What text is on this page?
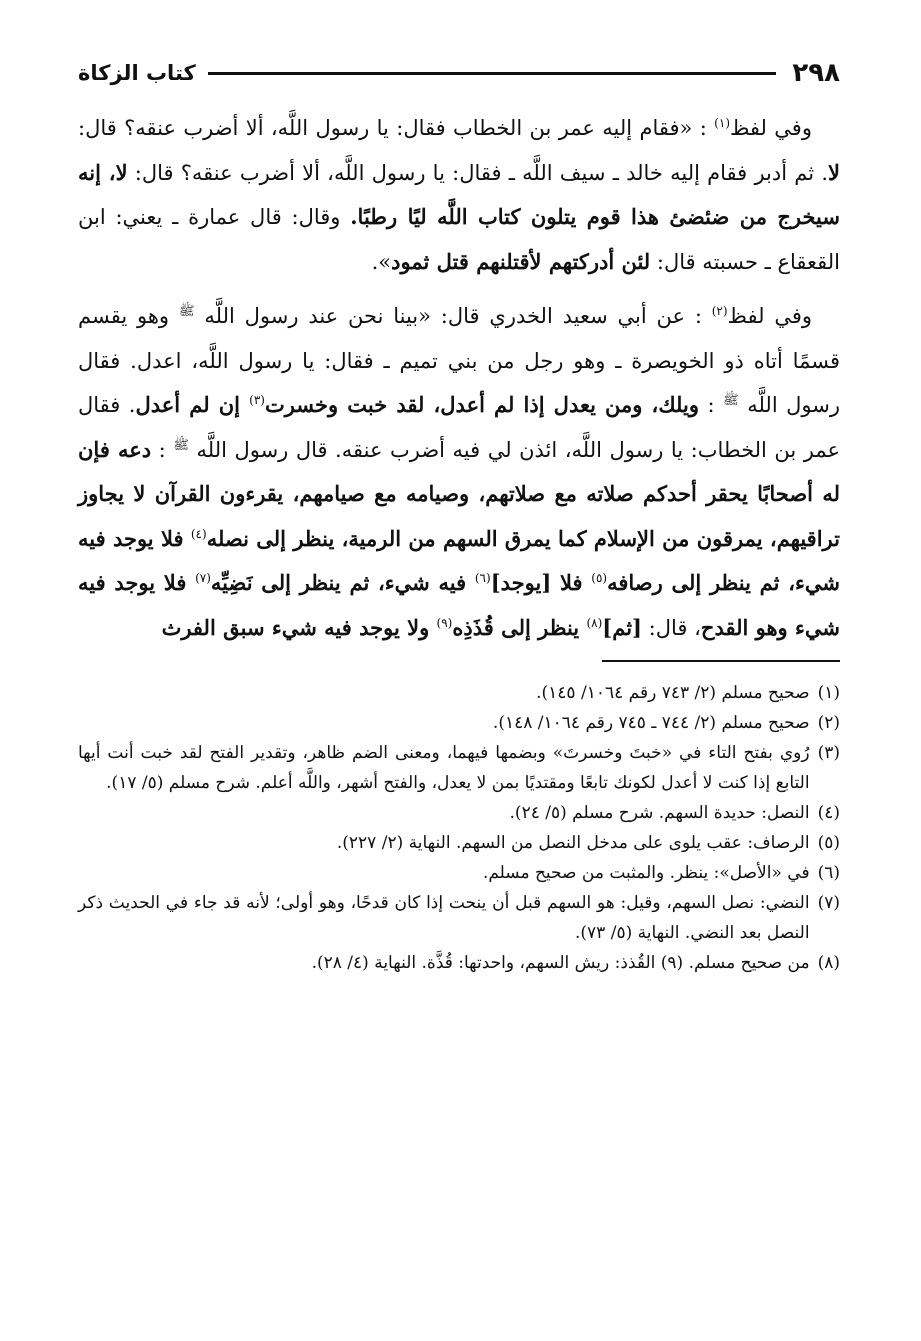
٢٩٨
كتاب الزكاة

وفي لفظ$^{(١)}$ : «فقام إليه عمر بن الخطاب فقال: يا رسول اللَّه، ألا أضرب عنقه؟ قال: لا. ثم أدبر فقام إليه خالد ـ سيف اللَّه ـ فقال: يا رسول اللَّه، ألا أضرب عنقه؟ قال: لا، إنه سيخرج من ضئضئ هذا قوم يتلون كتاب اللَّه ليًا رطبًا. وقال: قال عمارة ـ يعني: ابن القعقاع ـ حسبته قال: لئن أدركتهم لأقتلنهم قتل ثمود».

وفي لفظ$^{(٢)}$ : عن أبي سعيد الخدري قال: «بينا نحن عند رسول اللَّه $^ﷺ$ وهو يقسم قسمًا أتاه ذو الخويصرة ـ وهو رجل من بني تميم ـ فقال: يا رسول اللَّه، اعدل. فقال رسول اللَّه $^ﷺ$ : ويلك، ومن يعدل إذا لم أعدل، لقد خبت وخسرت$^{(٣)}$ إن لم أعدل. فقال عمر بن الخطاب: يا رسول اللَّه، ائذن لي فيه أضرب عنقه. قال رسول اللَّه $^ﷺ$ : دعه فإن له أصحابًا يحقر أحدكم صلاته مع صلاتهم، وصيامه مع صيامهم، يقرءون القرآن لا يجاوز تراقيهم، يمرقون من الإسلام كما يمرق السهم من الرمية، ينظر إلى نصله$^{(٤)}$ فلا يوجد فيه شيء، ثم ينظر إلى رصافه$^{(٥)}$ فلا [يوجد]$^{(٦)}$ فيه شيء، ثم ينظر إلى نَضِيِّه$^{(٧)}$ فلا يوجد فيه شيء وهو القدح، قال: [ثم]$^{(٨)}$ ينظر إلى قُذَذِه$^{(٩)}$ ولا يوجد فيه شيء سبق الفرث

(١)
صحيح مسلم (٢/ ٧٤٣ رقم ١٠٦٤/ ١٤٥).

(٢)
صحيح مسلم (٢/ ٧٤٤ ـ ٧٤٥ رقم ١٠٦٤/ ١٤٨).

(٣)
رُوي بفتح التاء في «خبتَ وخسرتَ» وبضمها فيهما، ومعنى الضم ظاهر، وتقدير الفتح لقد خبت أنت أيها التابع إذا كنت لا أعدل لكونك تابعًا ومقتديًا بمن لا يعدل، والفتح أشهر، واللَّه أعلم. شرح مسلم (٥/ ١٧).

(٤)
النصل: حديدة السهم. شرح مسلم (٥/ ٢٤).

(٥)
الرصاف: عقب يلوى على مدخل النصل من السهم. النهاية (٢/ ٢٢٧).

(٦)
في «الأصل»: ينظر. والمثبت من صحيح مسلم.

(٧)
النضي: نصل السهم، وقيل: هو السهم قبل أن ينحت إذا كان قدحًا، وهو أولى؛ لأنه قد جاء في الحديث ذكر النصل بعد النضي. النهاية (٥/ ٧٣).

(٨)
من صحيح مسلم. (٩) القُذذ: ريش السهم، واحدتها: قُذَّة. النهاية (٤/ ٢٨).
